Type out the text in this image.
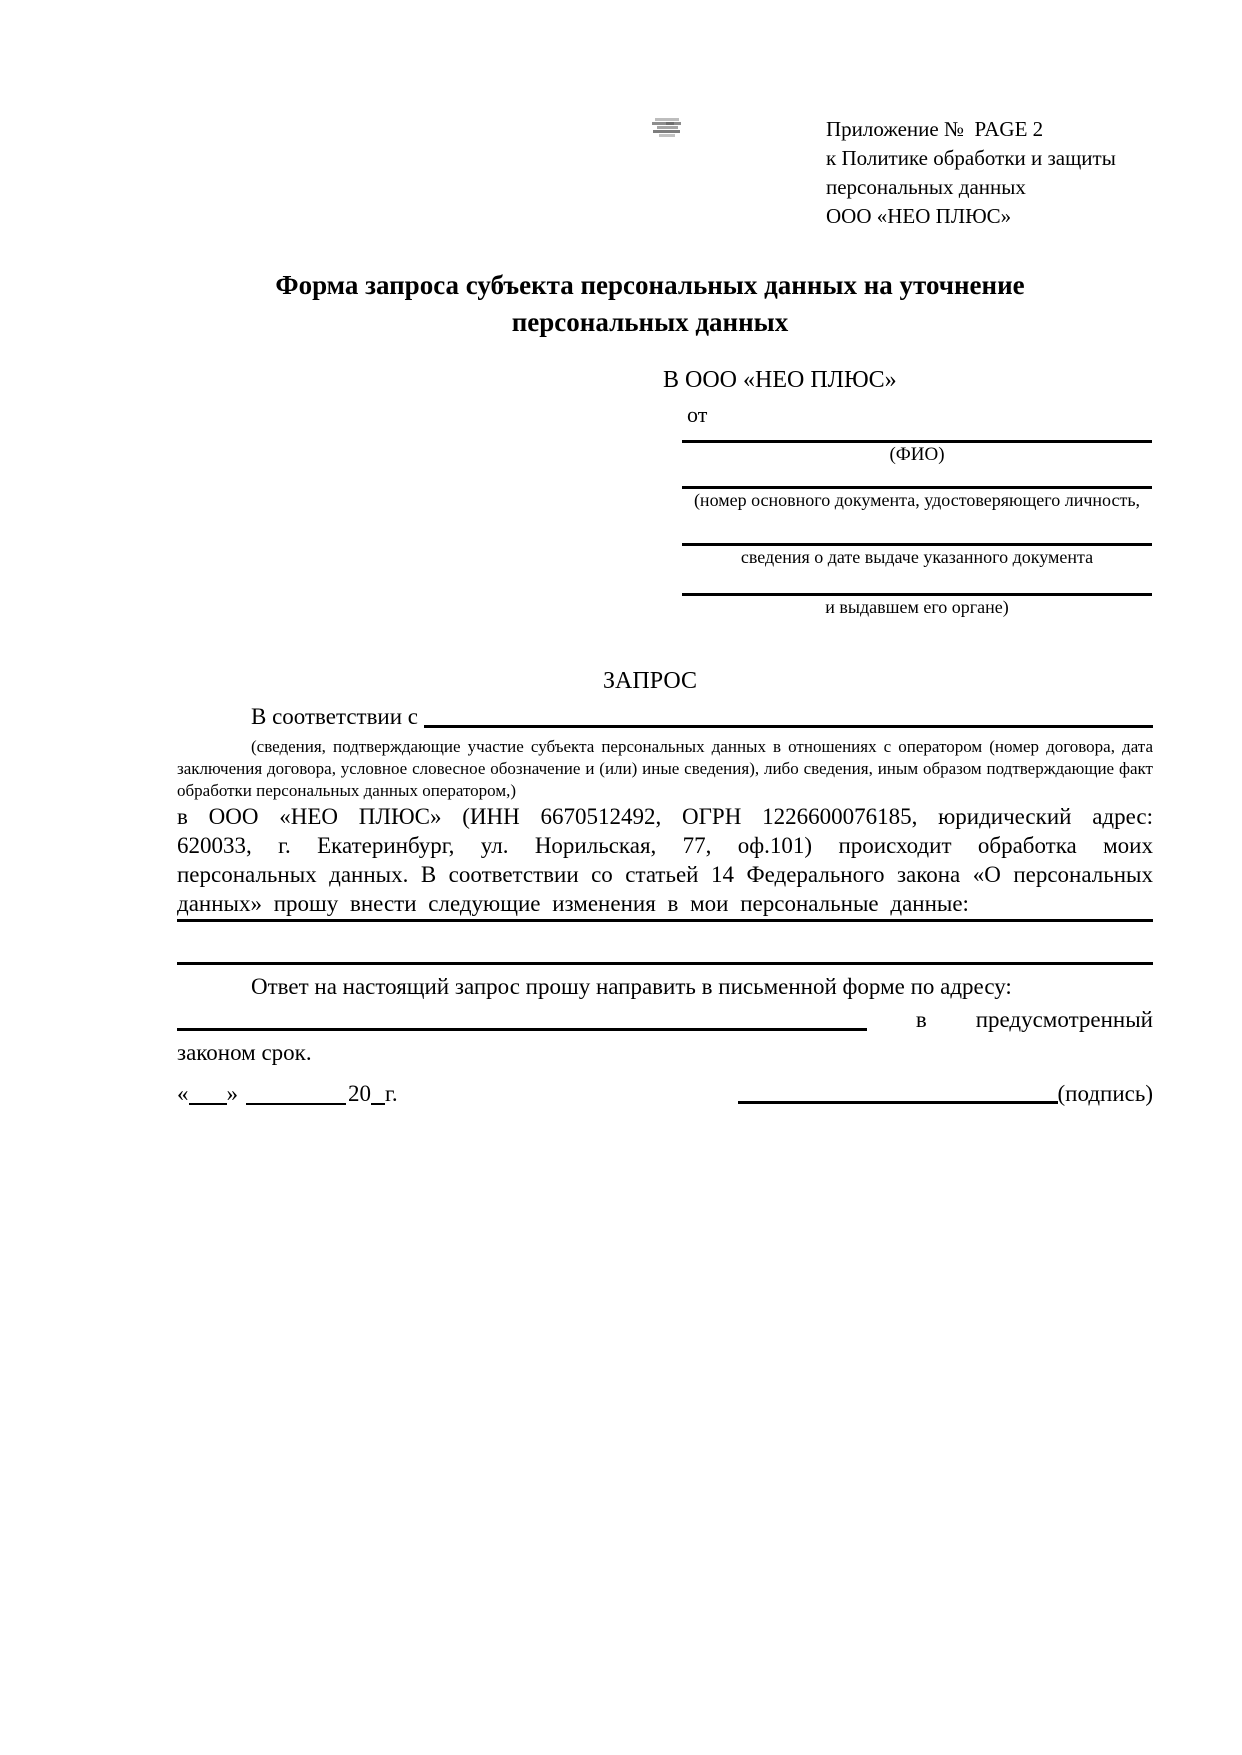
Приложение №  PAGE 2
к Политике обработки и защиты
персональных данных
ООО «НЕО ПЛЮС»
Форма запроса субъекта персональных данных на уточнение
персональных данных
В ООО «НЕО ПЛЮС»
от
(ФИО)
(номер основного документа, удостоверяющего личность,
сведения о дате выдаче указанного документа
и выдавшем его органе)
ЗАПРОС
В соответствии с
(сведения, подтверждающие участие субъекта персональных данных в отношениях с оператором (номер договора, дата заключения договора, условное словесное обозначение и (или) иные сведения), либо сведения, иным образом подтверждающие факт обработки персональных данных оператором,)
в ООО «НЕО ПЛЮС» (ИНН 6670512492, ОГРН 1226600076185, юридический адрес: 620033, г. Екатеринбург, ул. Норильская, 77, оф.101) происходит обработка моих персональных данных. В соответствии со статьей 14 Федерального закона «О персональных данных» прошу внести следующие изменения в мои персональные данные:
Ответ на настоящий запрос прошу направить в письменной форме по адресу:
в предусмотренный
законом срок.
« »	20 г.	(подпись)
